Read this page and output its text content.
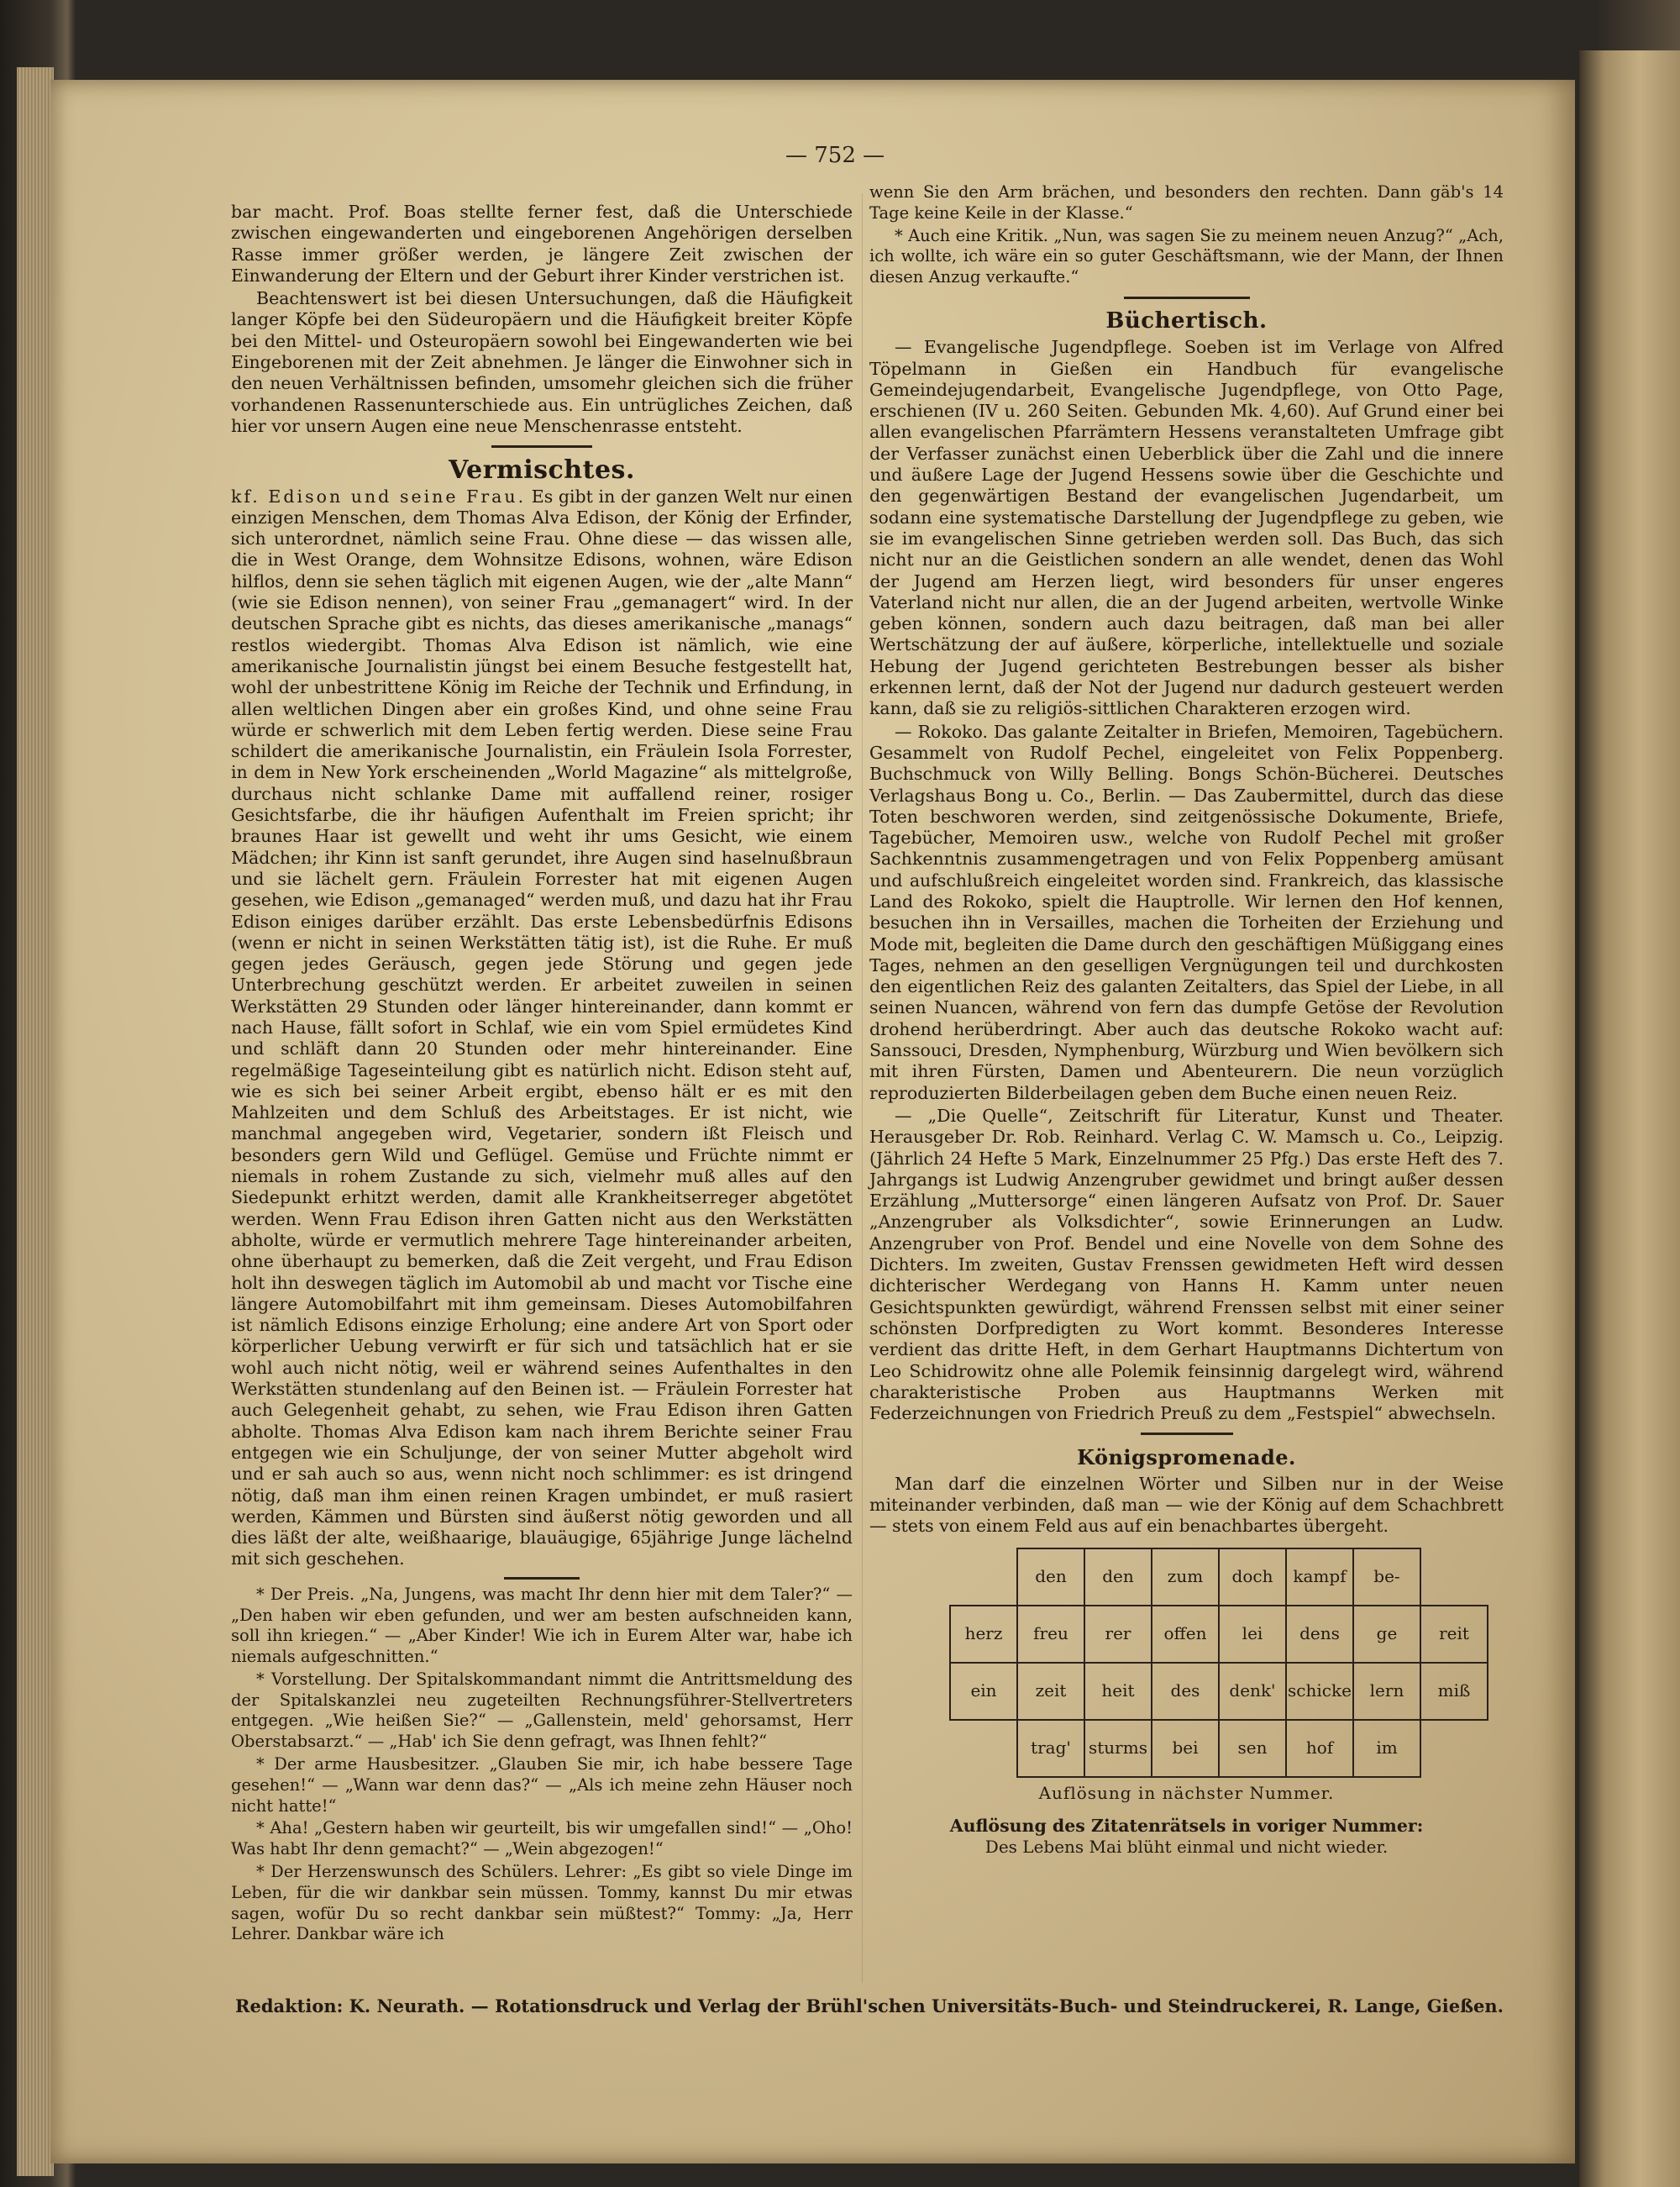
— 752 —

bar macht. Prof. Boas stellte ferner fest, daß die Unterschiede zwischen eingewanderten und eingeborenen Angehörigen derselben Rasse immer größer werden, je längere Zeit zwischen der Einwanderung der Eltern und der Geburt ihrer Kinder verstrichen ist.

Beachtenswert ist bei diesen Untersuchungen, daß die Häufigkeit langer Köpfe bei den Südeuropäern und die Häufigkeit breiter Köpfe bei den Mittel- und Osteuropäern sowohl bei Eingewanderten wie bei Eingeborenen mit der Zeit abnehmen. Je länger die Einwohner sich in den neuen Verhältnissen befinden, umsomehr gleichen sich die früher vorhandenen Rassenunterschiede aus. Ein untrügliches Zeichen, daß hier vor unsern Augen eine neue Menschenrasse entsteht.

Vermischtes.

kf. Edison und seine Frau. Es gibt in der ganzen Welt nur einen einzigen Menschen, dem Thomas Alva Edison, der König der Erfinder, sich unterordnet, nämlich seine Frau. Ohne diese — das wissen alle, die in West Orange, dem Wohnsitze Edisons, wohnen, wäre Edison hilflos, denn sie sehen täglich mit eigenen Augen, wie der „alte Mann“ (wie sie Edison nennen), von seiner Frau „gemanagert“ wird. In der deutschen Sprache gibt es nichts, das dieses amerikanische „manags“ restlos wiedergibt. Thomas Alva Edison ist nämlich, wie eine amerikanische Journalistin jüngst bei einem Besuche festgestellt hat, wohl der unbestrittene König im Reiche der Technik und Erfindung, in allen weltlichen Dingen aber ein großes Kind, und ohne seine Frau würde er schwerlich mit dem Leben fertig werden. Diese seine Frau schildert die amerikanische Journalistin, ein Fräulein Isola Forrester, in dem in New York erscheinenden „World Magazine“ als mittelgroße, durchaus nicht schlanke Dame mit auffallend reiner, rosiger Gesichtsfarbe, die ihr häufigen Aufenthalt im Freien spricht; ihr braunes Haar ist gewellt und weht ihr ums Gesicht, wie einem Mädchen; ihr Kinn ist sanft gerundet, ihre Augen sind haselnußbraun und sie lächelt gern. Fräulein Forrester hat mit eigenen Augen gesehen, wie Edison „gemanaged“ werden muß, und dazu hat ihr Frau Edison einiges darüber erzählt. Das erste Lebensbedürfnis Edisons (wenn er nicht in seinen Werkstätten tätig ist), ist die Ruhe. Er muß gegen jedes Geräusch, gegen jede Störung und gegen jede Unterbrechung geschützt werden. Er arbeitet zuweilen in seinen Werkstätten 29 Stunden oder länger hintereinander, dann kommt er nach Hause, fällt sofort in Schlaf, wie ein vom Spiel ermüdetes Kind und schläft dann 20 Stunden oder mehr hintereinander. Eine regelmäßige Tageseinteilung gibt es natürlich nicht. Edison steht auf, wie es sich bei seiner Arbeit ergibt, ebenso hält er es mit den Mahlzeiten und dem Schluß des Arbeitstages. Er ist nicht, wie manchmal angegeben wird, Vegetarier, sondern ißt Fleisch und besonders gern Wild und Geflügel. Gemüse und Früchte nimmt er niemals in rohem Zustande zu sich, vielmehr muß alles auf den Siedepunkt erhitzt werden, damit alle Krankheitserreger abgetötet werden. Wenn Frau Edison ihren Gatten nicht aus den Werkstätten abholte, würde er vermutlich mehrere Tage hintereinander arbeiten, ohne überhaupt zu bemerken, daß die Zeit vergeht, und Frau Edison holt ihn deswegen täglich im Automobil ab und macht vor Tische eine längere Automobilfahrt mit ihm gemeinsam. Dieses Automobilfahren ist nämlich Edisons einzige Erholung; eine andere Art von Sport oder körperlicher Uebung verwirft er für sich und tatsächlich hat er sie wohl auch nicht nötig, weil er während seines Aufenthaltes in den Werkstätten stundenlang auf den Beinen ist. — Fräulein Forrester hat auch Gelegenheit gehabt, zu sehen, wie Frau Edison ihren Gatten abholte. Thomas Alva Edison kam nach ihrem Berichte seiner Frau entgegen wie ein Schuljunge, der von seiner Mutter abgeholt wird und er sah auch so aus, wenn nicht noch schlimmer: es ist dringend nötig, daß man ihm einen reinen Kragen umbindet, er muß rasiert werden, Kämmen und Bürsten sind äußerst nötig geworden und all dies läßt der alte, weißhaarige, blauäugige, 65jährige Junge lächelnd mit sich geschehen.

* Der Preis. „Na, Jungens, was macht Ihr denn hier mit dem Taler?“ — „Den haben wir eben gefunden, und wer am besten aufschneiden kann, soll ihn kriegen.“ — „Aber Kinder! Wie ich in Eurem Alter war, habe ich niemals aufgeschnitten.“

* Vorstellung. Der Spitalskommandant nimmt die Antrittsmeldung des der Spitalskanzlei neu zugeteilten Rechnungsführer-Stellvertreters entgegen. „Wie heißen Sie?“ — „Gallenstein, meld' gehorsamst, Herr Oberstabsarzt.“ — „Hab' ich Sie denn gefragt, was Ihnen fehlt?“

* Der arme Hausbesitzer. „Glauben Sie mir, ich habe bessere Tage gesehen!“ — „Wann war denn das?“ — „Als ich meine zehn Häuser noch nicht hatte!“

* Aha! „Gestern haben wir geurteilt, bis wir umgefallen sind!“ — „Oho! Was habt Ihr denn gemacht?“ — „Wein abgezogen!“

* Der Herzenswunsch des Schülers. Lehrer: „Es gibt so viele Dinge im Leben, für die wir dankbar sein müssen. Tommy, kannst Du mir etwas sagen, wofür Du so recht dankbar sein müßtest?“ Tommy: „Ja, Herr Lehrer. Dankbar wäre ich

wenn Sie den Arm brächen, und besonders den rechten. Dann gäb's 14 Tage keine Keile in der Klasse.“

* Auch eine Kritik. „Nun, was sagen Sie zu meinem neuen Anzug?“ „Ach, ich wollte, ich wäre ein so guter Geschäftsmann, wie der Mann, der Ihnen diesen Anzug verkaufte.“

Büchertisch.

— Evangelische Jugendpflege. Soeben ist im Verlage von Alfred Töpelmann in Gießen ein Handbuch für evangelische Gemeindejugendarbeit, Evangelische Jugendpflege, von Otto Page, erschienen (IV u. 260 Seiten. Gebunden Mk. 4,60). Auf Grund einer bei allen evangelischen Pfarrämtern Hessens veranstalteten Umfrage gibt der Verfasser zunächst einen Ueberblick über die Zahl und die innere und äußere Lage der Jugend Hessens sowie über die Geschichte und den gegenwärtigen Bestand der evangelischen Jugendarbeit, um sodann eine systematische Darstellung der Jugendpflege zu geben, wie sie im evangelischen Sinne getrieben werden soll. Das Buch, das sich nicht nur an die Geistlichen sondern an alle wendet, denen das Wohl der Jugend am Herzen liegt, wird besonders für unser engeres Vaterland nicht nur allen, die an der Jugend arbeiten, wertvolle Winke geben können, sondern auch dazu beitragen, daß man bei aller Wertschätzung der auf äußere, körperliche, intellektuelle und soziale Hebung der Jugend gerichteten Bestrebungen besser als bisher erkennen lernt, daß der Not der Jugend nur dadurch gesteuert werden kann, daß sie zu religiös-sittlichen Charakteren erzogen wird.

— Rokoko. Das galante Zeitalter in Briefen, Memoiren, Tagebüchern. Gesammelt von Rudolf Pechel, eingeleitet von Felix Poppenberg. Buchschmuck von Willy Belling. Bongs Schön-Bücherei. Deutsches Verlagshaus Bong u. Co., Berlin. — Das Zaubermittel, durch das diese Toten beschworen werden, sind zeitgenössische Dokumente, Briefe, Tagebücher, Memoiren usw., welche von Rudolf Pechel mit großer Sachkenntnis zusammengetragen und von Felix Poppenberg amüsant und aufschlußreich eingeleitet worden sind. Frankreich, das klassische Land des Rokoko, spielt die Hauptrolle. Wir lernen den Hof kennen, besuchen ihn in Versailles, machen die Torheiten der Erziehung und Mode mit, begleiten die Dame durch den geschäftigen Müßiggang eines Tages, nehmen an den geselligen Vergnügungen teil und durchkosten den eigentlichen Reiz des galanten Zeitalters, das Spiel der Liebe, in all seinen Nuancen, während von fern das dumpfe Getöse der Revolution drohend herüberdringt. Aber auch das deutsche Rokoko wacht auf: Sanssouci, Dresden, Nymphenburg, Würzburg und Wien bevölkern sich mit ihren Fürsten, Damen und Abenteurern. Die neun vorzüglich reproduzierten Bilderbeilagen geben dem Buche einen neuen Reiz.

— „Die Quelle“, Zeitschrift für Literatur, Kunst und Theater. Herausgeber Dr. Rob. Reinhard. Verlag C. W. Mamsch u. Co., Leipzig. (Jährlich 24 Hefte 5 Mark, Einzelnummer 25 Pfg.) Das erste Heft des 7. Jahrgangs ist Ludwig Anzengruber gewidmet und bringt außer dessen Erzählung „Muttersorge“ einen längeren Aufsatz von Prof. Dr. Sauer „Anzengruber als Volksdichter“, sowie Erinnerungen an Ludw. Anzengruber von Prof. Bendel und eine Novelle von dem Sohne des Dichters. Im zweiten, Gustav Frenssen gewidmeten Heft wird dessen dichterischer Werdegang von Hanns H. Kamm unter neuen Gesichtspunkten gewürdigt, während Frenssen selbst mit einer seiner schönsten Dorfpredigten zu Wort kommt. Besonderes Interesse verdient das dritte Heft, in dem Gerhart Hauptmanns Dichtertum von Leo Schidrowitz ohne alle Polemik feinsinnig dargelegt wird, während charakteristische Proben aus Hauptmanns Werken mit Federzeichnungen von Friedrich Preuß zu dem „Festspiel“ abwechseln.

Königspromenade.

Man darf die einzelnen Wörter und Silben nur in der Weise miteinander verbinden, daß man — wie der König auf dem Schachbrett — stets von einem Feld aus auf ein benachbartes übergeht.

	den	den	zum	doch	kampf	be-	
herz	freu	rer	offen	lei	dens	ge	reit
ein	zeit	heit	des	denk'	schicke	lern	miß
	trag'	sturms	bei	sen	hof	im	
Auflösung in nächster Nummer.
Auflösung des Zitatenrätsels in voriger Nummer:
Des Lebens Mai blüht einmal und nicht wieder.
Redaktion: K. Neurath. — Rotationsdruck und Verlag der Brühl'schen Universitäts-Buch- und Steindruckerei, R. Lange, Gießen.
